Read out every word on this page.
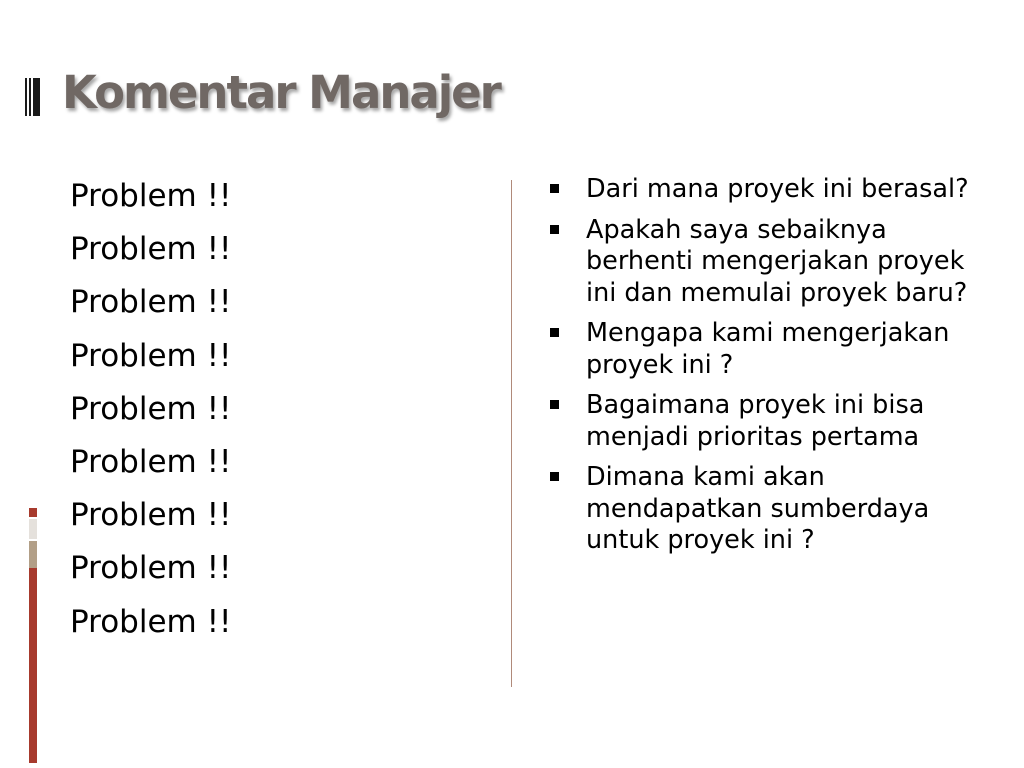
Komentar Manajer
Problem !!
Problem !!
Problem !!
Problem !!
Problem !!
Problem !!
Problem !!
Problem !!
Problem !!
Dari mana proyek ini berasal?
Apakah saya sebaiknya berhenti mengerjakan proyek ini dan memulai proyek baru?
Mengapa kami mengerjakan proyek ini ?
Bagaimana proyek ini bisa menjadi prioritas pertama
Dimana kami akan mendapatkan sumberdaya untuk proyek ini ?
